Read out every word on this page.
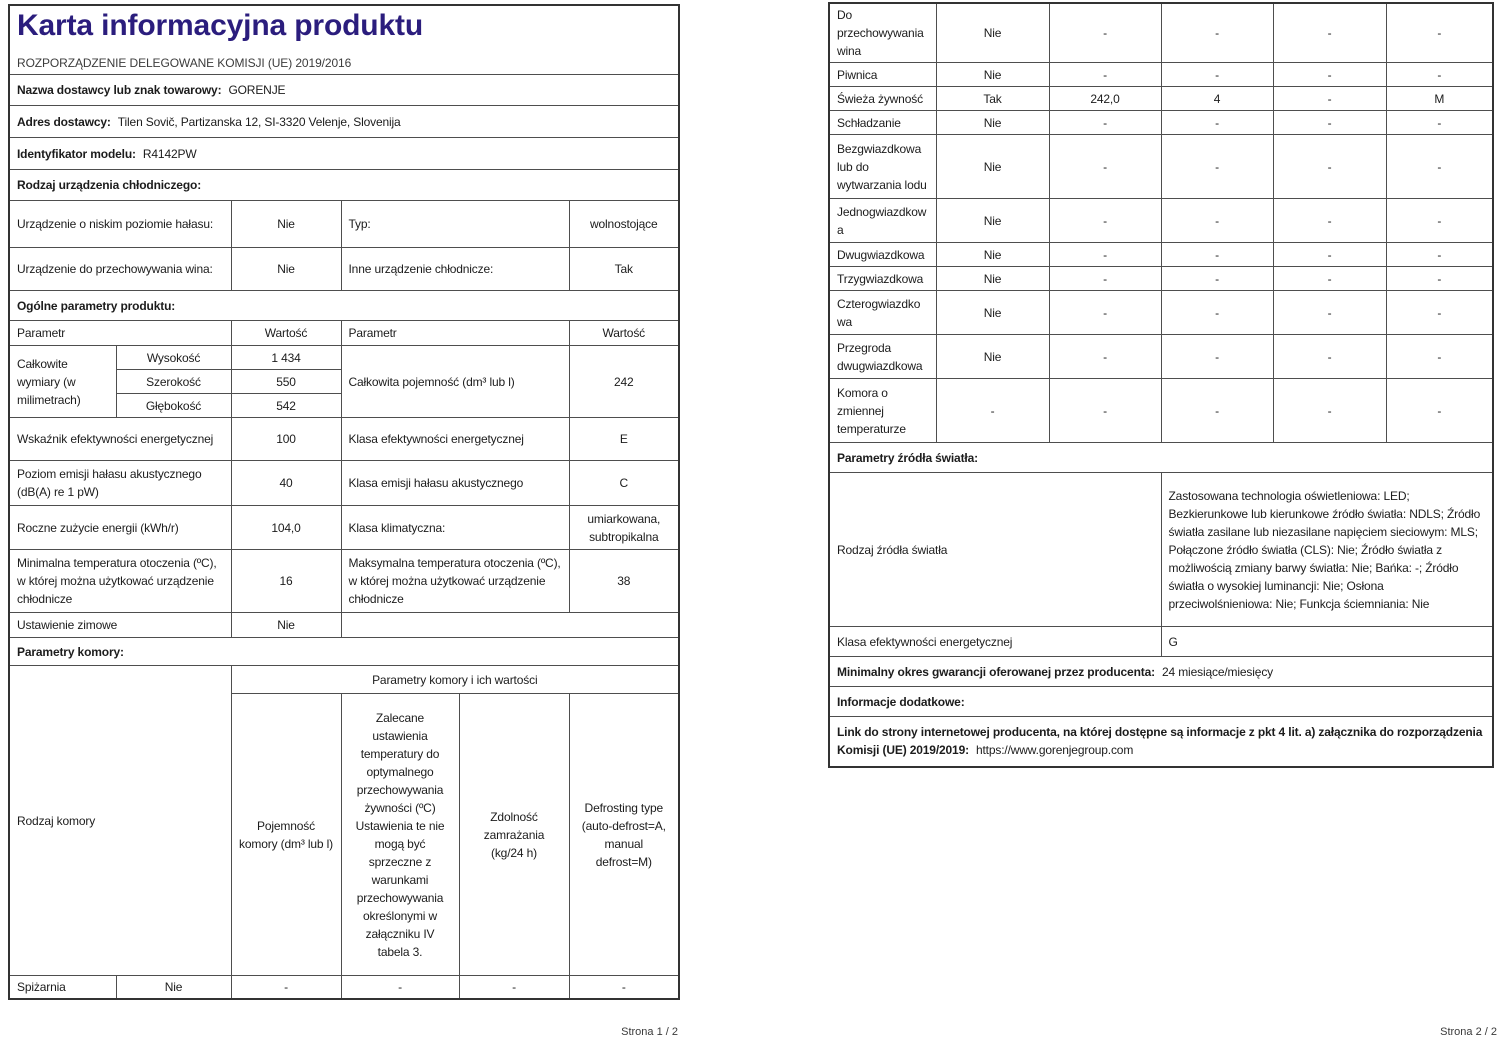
Karta informacyjna produktu
ROZPORZĄDZENIE DELEGOWANE KOMISJI (UE) 2019/2016					

Nazwa dostawcy lub znak towarowy: GORENJE					
Adres dostawcy: Tilen Sovič, Partizanska 12, SI-3320 Velenje, Slovenija					
Identyfikator modelu: R4142PW					
Rodzaj urządzenia chłodniczego:					
Urządzenie o niskim poziomie hałasu:		Nie	Typ:		wolnostojące
Urządzenie do przechowywania wina:		Nie	Inne urządzenie chłodnicze:		Tak
Ogólne parametry produktu:					
Parametr		Wartość	Parametr		Wartość
Całkowite wymiary (w milimetrach)	Wysokość	1 434	Całkowita pojemność (dm³ lub l)		242
	Szerokość	550			
	Głębokość	542			
Wskaźnik efektywności energetycznej		100	Klasa efektywności energetycznej		E
Poziom emisji hałasu akustycznego (dB(A) re 1 pW)		40	Klasa emisji hałasu akustycznego		C
Roczne zużycie energii (kWh/r)		104,0	Klasa klimatyczna:		umiarkowana, subtropikalna
Minimalna temperatura otoczenia (ºC), w której można użytkować urządzenie chłodnicze		16	Maksymalna temperatura otoczenia (ºC), w której można użytkować urządzenie chłodnicze		38
Ustawienie zimowe		Nie			
Parametry komory:					
Rodzaj komory		Parametry komory i ich wartości			
		Pojemność komory (dm³ lub l)	Zalecane ustawienia temperatury do optymalnego przechowywania żywności (ºC) Ustawienia te nie mogą być sprzeczne z warunkami przechowywania określonymi w załączniku IV tabela 3.	Zdolność zamrażania (kg/24 h)	Defrosting type (auto-defrost=A, manual defrost=M)
Spiżarnia	Nie	-	-	-	-
Do przechowywania wina	Nie	-	-	-	-
Piwnica	Nie	-	-	-	-
Świeża żywność	Tak	242,0	4	-	M
Schładzanie	Nie	-	-	-	-
Bezgwiazdkowa lub do wytwarzania lodu	Nie	-	-	-	-
Jednogwiazdkowa	Nie	-	-	-	-
Dwugwiazdkowa	Nie	-	-	-	-
Trzygwiazdkowa	Nie	-	-	-	-
Czterogwiazdkowa	Nie	-	-	-	-
Przegroda dwugwiazdkowa	Nie	-	-	-	-
Komora o zmiennej temperaturze	-	-	-	-	-
Parametry źródła światła:					
Rodzaj źródła światła			Zastosowana technologia oświetleniowa: LED; Bezkierunkowe lub kierunkowe źródło światła: NDLS; Źródło światła zasilane lub niezasilane napięciem sieciowym: MLS; Połączone źródło światła (CLS): Nie; Źródło światła z możliwością zmiany barwy światła: Nie; Bańka: -; Źródło światła o wysokiej luminancji: Nie; Osłona przeciwolśnieniowa: Nie; Funkcja ściemniania: Nie		
Klasa efektywności energetycznej			G		
Minimalny okres gwarancji oferowanej przez producenta: 24 miesiące/miesięcy					
Informacje dodatkowe:					
Link do strony internetowej producenta, na której dostępne są informacje z pkt 4 lit. a) załącznika do rozporządzenia Komisji (UE) 2019/2019: https://www.gorenjegroup.com					
Strona 1 / 2	Strona 2 / 2
